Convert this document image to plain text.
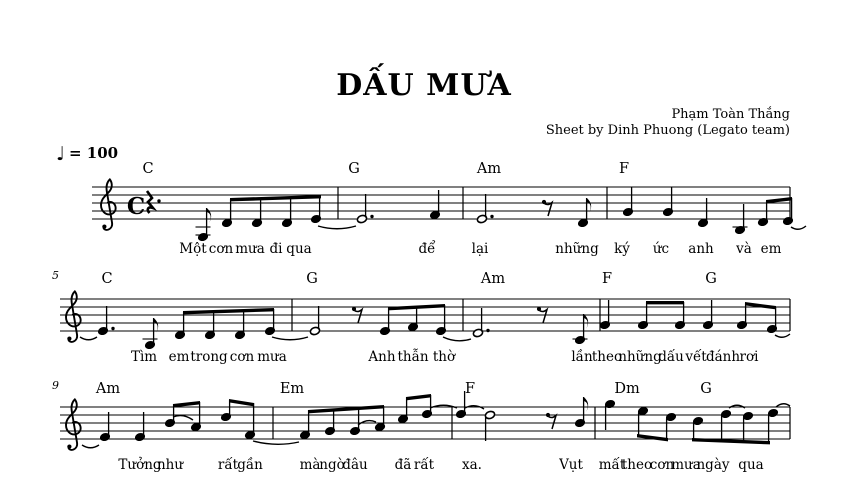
C
DẤU MƯA
Phạm Toàn Thắng
Sheet by Dinh Phuong (Legato team)
♩ = 100
C	G	Am	F
Một cơn mưa đi qua	để	lại	những ký ức anh và em
C	G	Am	F	G
Tìm em trong cơn mưa	Anh thẫn thờ	lần theo
những
dấu vết đánh rơi
5
Am	Em	F	Dm	G
Tưởng
như	rất gần	mà
ngờ
đâu đã rất xa.	Vụt mất
theo
cơn
mưa
ngày qua
9
